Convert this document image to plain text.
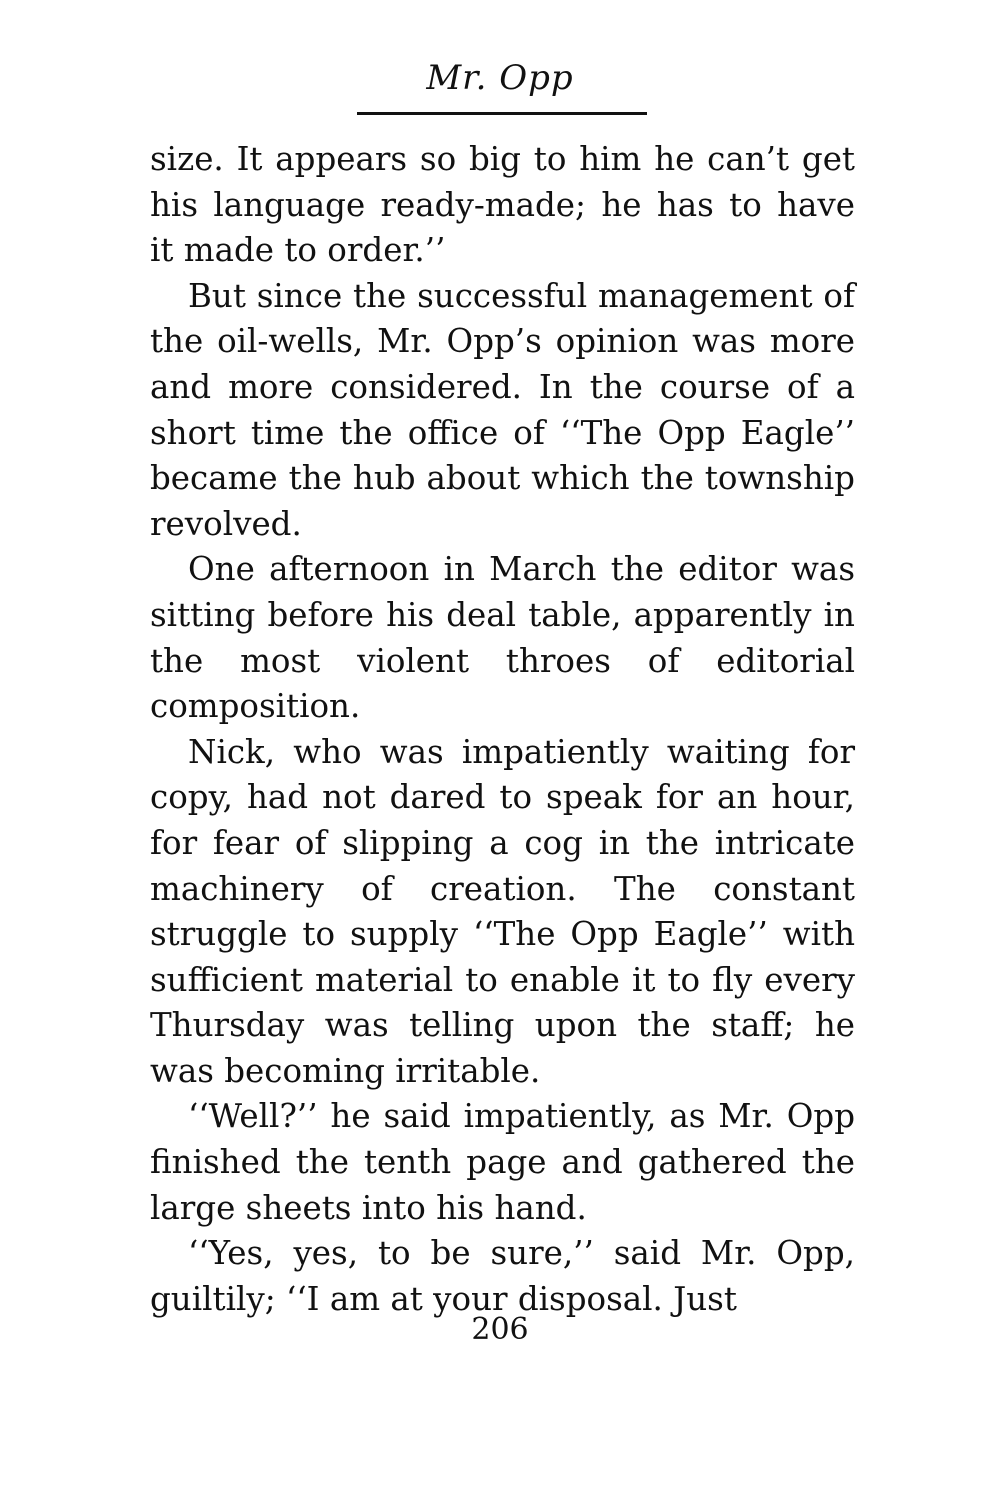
Mr. Opp

size. It appears so big to him he can’t get his language ready-made; he has to have it made to order.’’

But since the successful management of the oil-wells, Mr. Opp’s opinion was more and more considered. In the course of a short time the office of ‘‘The Opp Eagle’’ became the hub about which the township revolved.

One afternoon in March the editor was sitting before his deal table, apparently in the most violent throes of editorial composition.

Nick, who was impatiently waiting for copy, had not dared to speak for an hour, for fear of slipping a cog in the intricate machinery of creation. The constant struggle to supply ‘‘The Opp Eagle’’ with sufficient material to enable it to fly every Thursday was telling upon the staff; he was becoming irritable.

‘‘Well?’’ he said impatiently, as Mr. Opp finished the tenth page and gathered the large sheets into his hand.

‘‘Yes, yes, to be sure,’’ said Mr. Opp, guiltily; ‘‘I am at your disposal. Just

206
